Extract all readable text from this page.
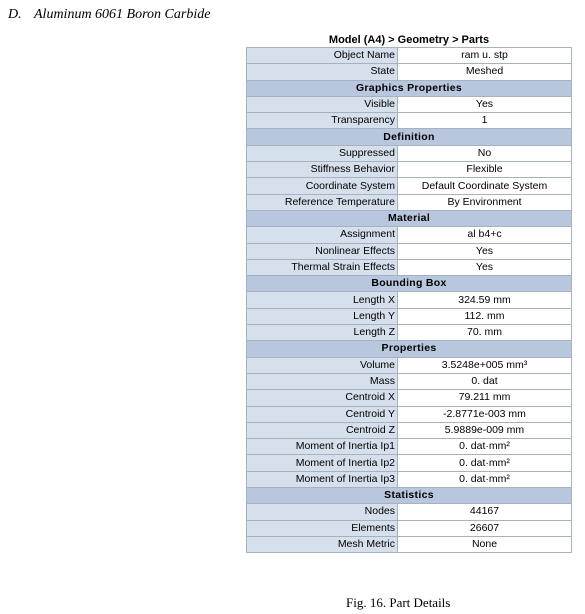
D. Aluminum 6061 Boron Carbide
Model (A4) > Geometry > Parts
Object Name	ram u. stp
State	Meshed
Graphics Properties	
Visible	Yes
Transparency	1
Definition	
Suppressed	No
Stiffness Behavior	Flexible
Coordinate System	Default Coordinate System
Reference Temperature	By Environment
Material	
Assignment	al b4+c
Nonlinear Effects	Yes
Thermal Strain Effects	Yes
Bounding Box	
Length X	324.59 mm
Length Y	112. mm
Length Z	70. mm
Properties	
Volume	3.5248e+005 mm³
Mass	0. dat
Centroid X	79.211 mm
Centroid Y	-2.8771e-003 mm
Centroid Z	5.9889e-009 mm
Moment of Inertia Ip1	0. dat·mm²
Moment of Inertia Ip2	0. dat·mm²
Moment of Inertia Ip3	0. dat·mm²
Statistics	
Nodes	44167
Elements	26607
Mesh Metric	None
Fig. 16. Part Details
